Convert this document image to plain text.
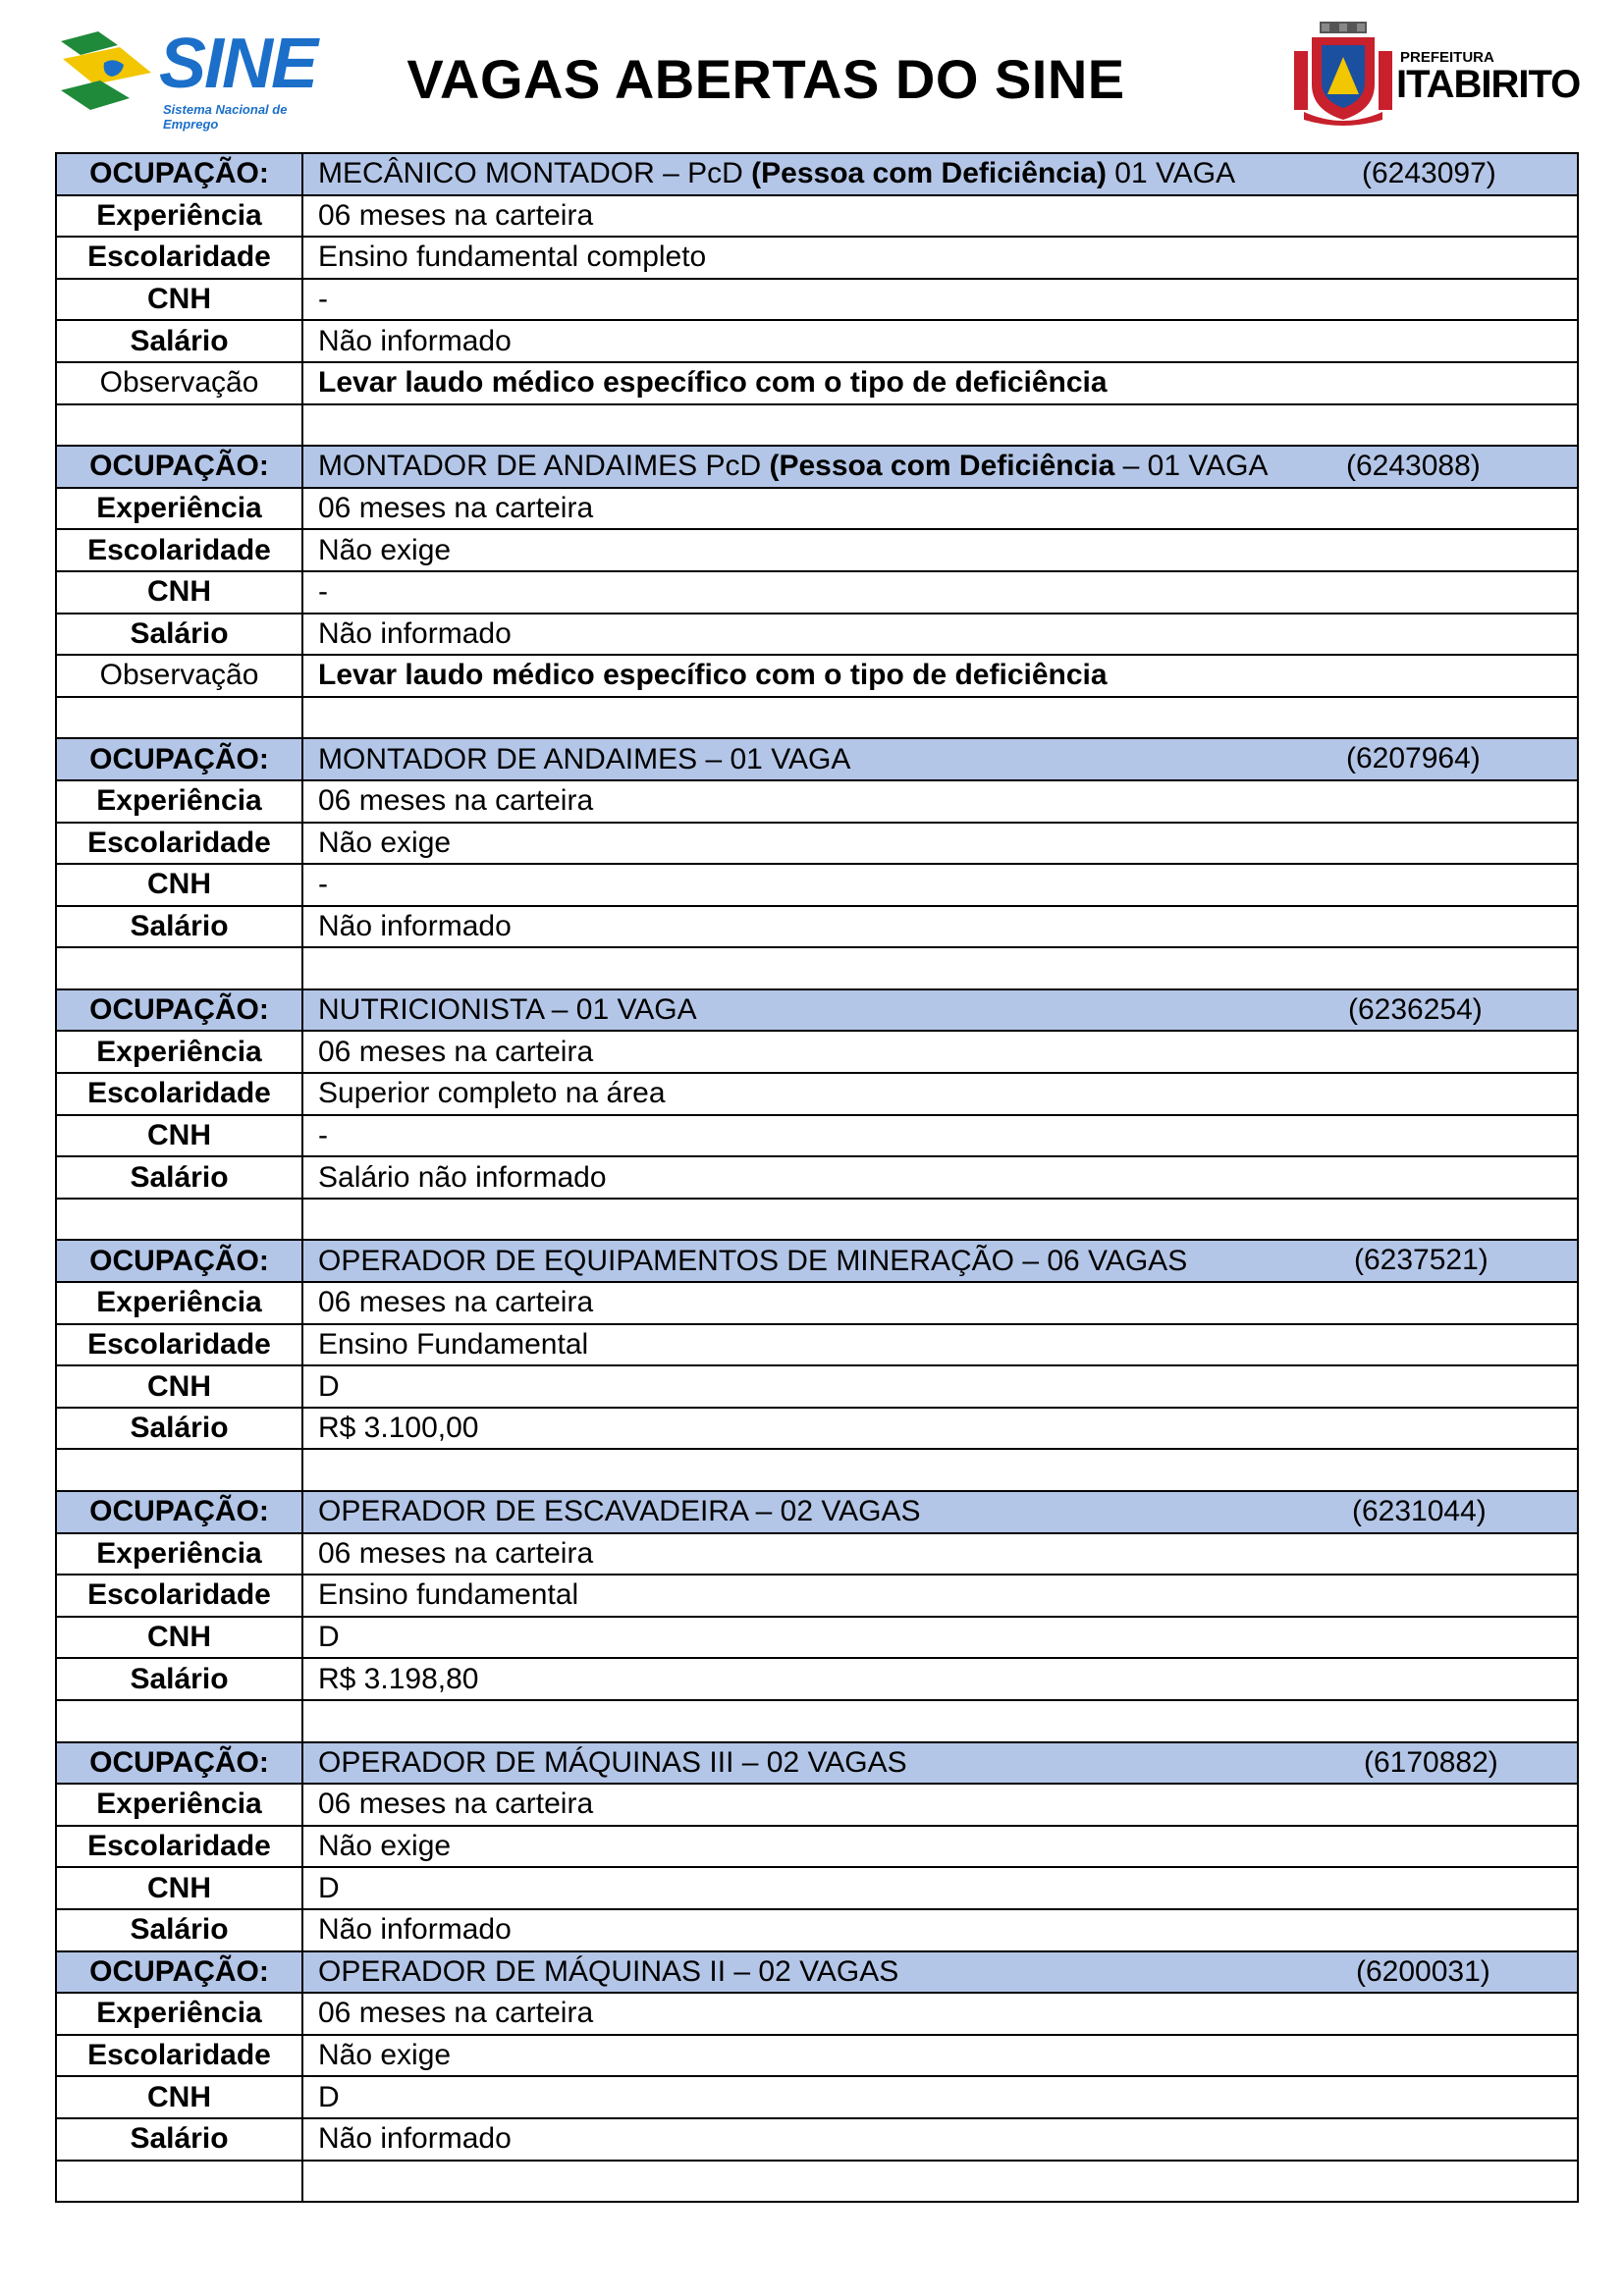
SINE
Sistema Nacional de Emprego
VAGAS ABERTAS DO SINE	PREFEITURA
ITABIRITO
OCUPAÇÃO:	MECÂNICO MONTADOR – PcD (Pessoa com Deficiência) 01 VAGA (6243097)

Experiência	06 meses na carteira
Escolaridade	Ensino fundamental completo
CNH	-
Salário	Não informado
Observação	Levar laudo médico específico com o tipo de deficiência

OCUPAÇÃO:	MONTADOR DE ANDAIMES PcD (Pessoa com Deficiência – 01 VAGA (6243088)

Experiência	06 meses na carteira
Escolaridade	Não exige
CNH	-
Salário	Não informado
Observação	Levar laudo médico específico com o tipo de deficiência

OCUPAÇÃO:	MONTADOR DE ANDAIMES – 01 VAGA (6207964)

Experiência	06 meses na carteira
Escolaridade	Não exige
CNH	-
Salário	Não informado

OCUPAÇÃO:	NUTRICIONISTA – 01 VAGA (6236254)

Experiência	06 meses na carteira
Escolaridade	Superior completo na área
CNH	-
Salário	Salário não informado

OCUPAÇÃO:	OPERADOR DE EQUIPAMENTOS DE MINERAÇÃO – 06 VAGAS (6237521)

Experiência	06 meses na carteira
Escolaridade	Ensino Fundamental
CNH	D
Salário	R$ 3.100,00

OCUPAÇÃO:	OPERADOR DE ESCAVADEIRA – 02 VAGAS (6231044)

Experiência	06 meses na carteira
Escolaridade	Ensino fundamental
CNH	D
Salário	R$ 3.198,80

OCUPAÇÃO:	OPERADOR DE MÁQUINAS III – 02 VAGAS (6170882)

Experiência	06 meses na carteira
Escolaridade	Não exige
CNH	D
Salário	Não informado
OCUPAÇÃO:	OPERADOR DE MÁQUINAS II – 02 VAGAS (6200031)

Experiência	06 meses na carteira
Escolaridade	Não exige
CNH	D
Salário	Não informado
